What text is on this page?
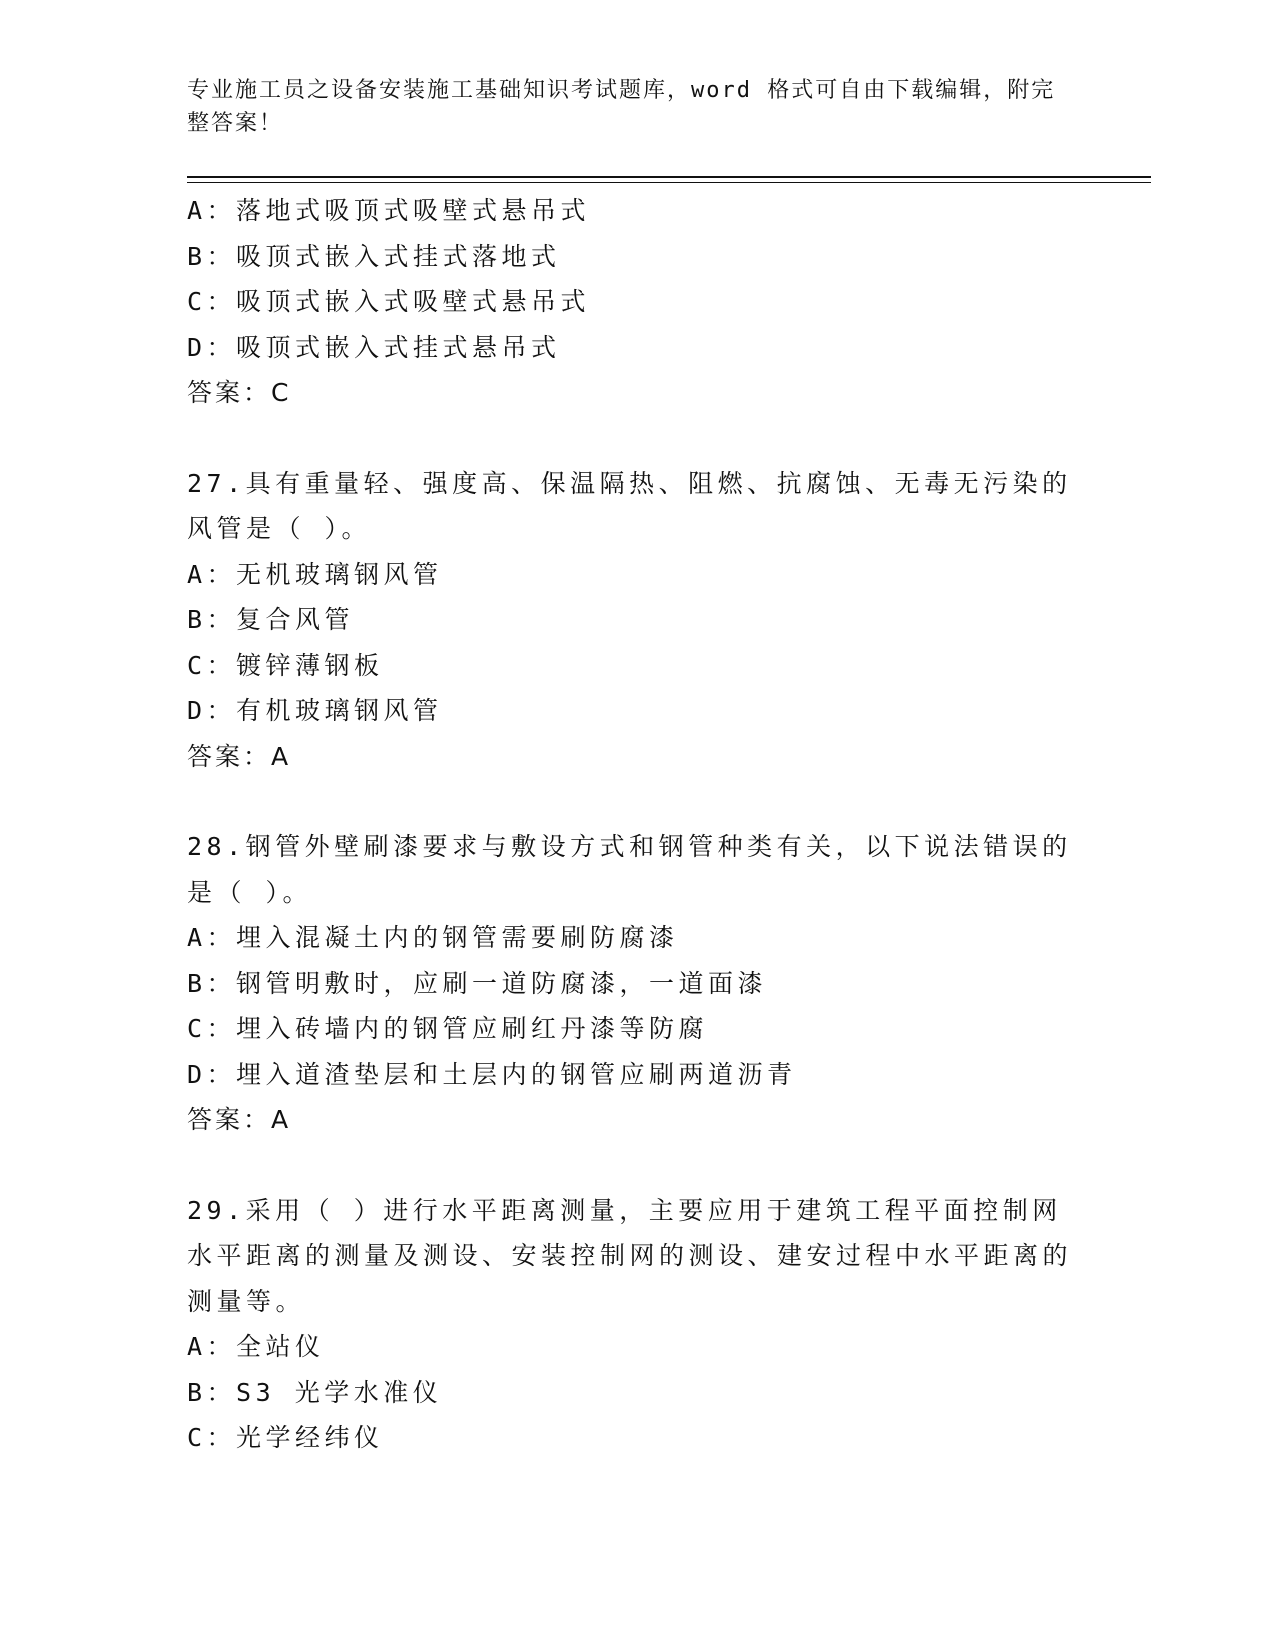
专业施工员之设备安装施工基础知识考试题库，word 格式可自由下载编辑，附完整答案！

A：落地式吸顶式吸壁式悬吊式

B：吸顶式嵌入式挂式落地式

C：吸顶式嵌入式吸壁式悬吊式

D：吸顶式嵌入式挂式悬吊式

答案：C

27.具有重量轻、强度高、保温隔热、阻燃、抗腐蚀、无毒无污染的风管是（ ）。

A：无机玻璃钢风管

B：复合风管

C：镀锌薄钢板

D：有机玻璃钢风管

答案：A

28.钢管外壁刷漆要求与敷设方式和钢管种类有关，以下说法错误的是（ ）。

A：埋入混凝土内的钢管需要刷防腐漆

B：钢管明敷时，应刷一道防腐漆，一道面漆

C：埋入砖墙内的钢管应刷红丹漆等防腐

D：埋入道渣垫层和土层内的钢管应刷两道沥青

答案：A

29.采用（ ）进行水平距离测量，主要应用于建筑工程平面控制网水平距离的测量及测设、安装控制网的测设、建安过程中水平距离的测量等。

A：全站仪

B：S3 光学水准仪

C：光学经纬仪
